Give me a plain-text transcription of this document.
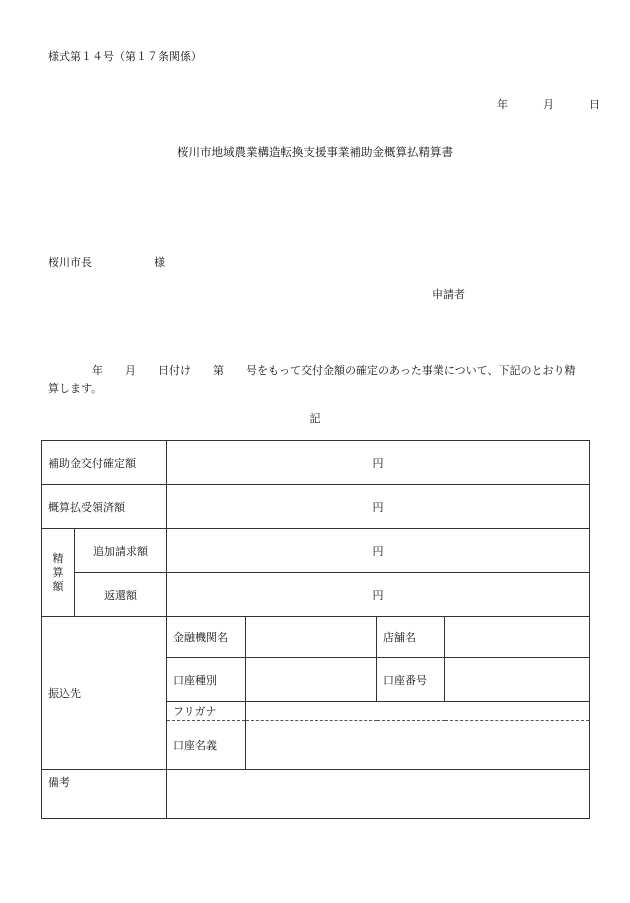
様式第１４号（第１７条関係）
年	月	日
桜川市地域農業構造転換支援事業補助金概算払精算書
桜川市長	様
申請者
　　　　年　　月　　日付け　　第　　号をもって交付金額の確定のあった事業について、下記のとおり精算します。
記
補助金交付確定額		円			
概算払受領済額		円			

精
算
額	追加請求額	円			
	返還額	円			
振込先		金融機関名		店舗名	
		口座種別		口座番号	
		フリガナ			
		口座名義			
備考					
